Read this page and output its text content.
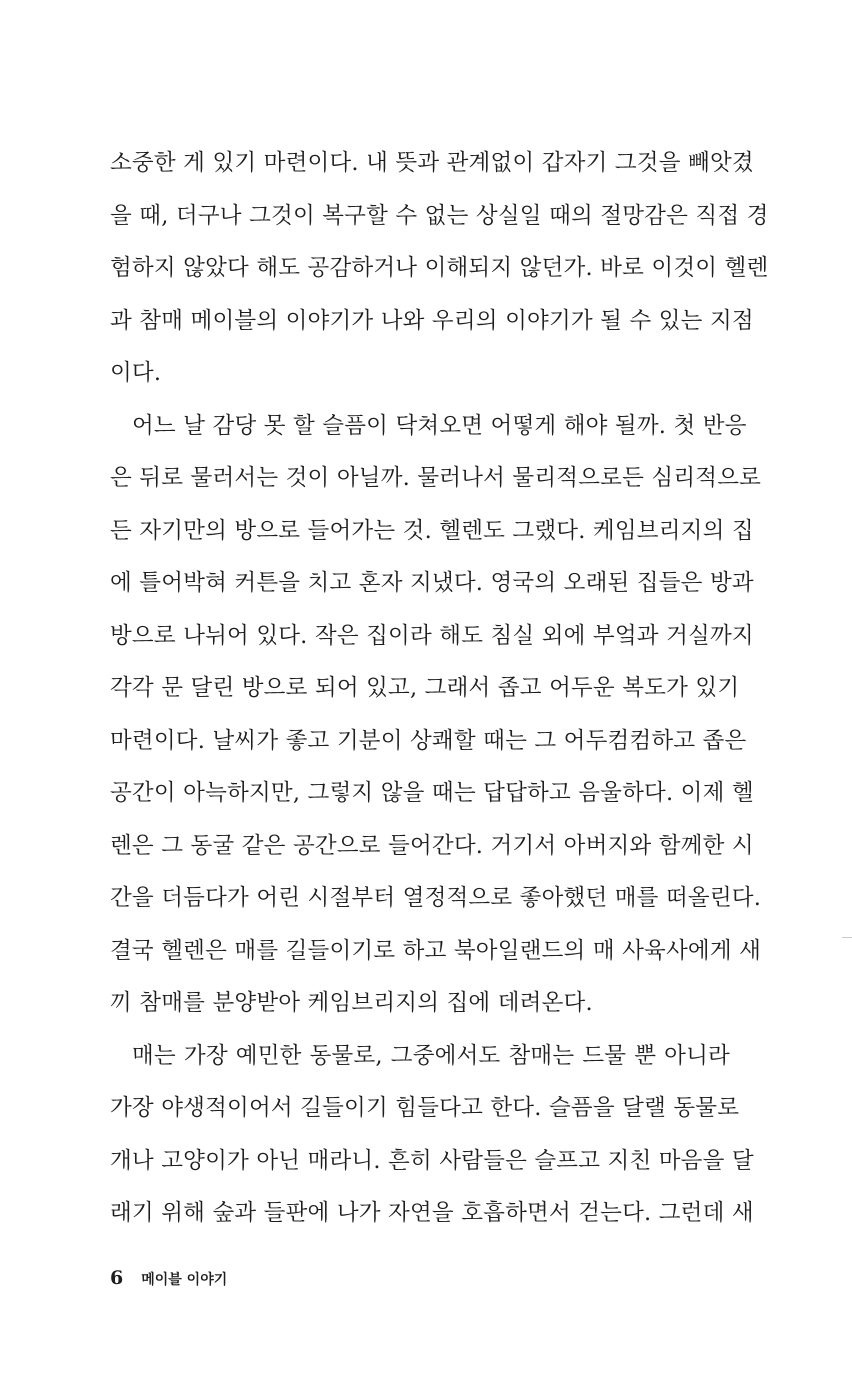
소중한 게 있기 마련이다. 내 뜻과 관계없이 갑자기 그것을 빼앗겼
을 때, 더구나 그것이 복구할 수 없는 상실일 때의 절망감은 직접 경
험하지 않았다 해도 공감하거나 이해되지 않던가. 바로 이것이 헬렌
과 참매 메이블의 이야기가 나와 우리의 이야기가 될 수 있는 지점
이다.
어느 날 감당 못 할 슬픔이 닥쳐오면 어떻게 해야 될까. 첫 반응
은 뒤로 물러서는 것이 아닐까. 물러나서 물리적으로든 심리적으로
든 자기만의 방으로 들어가는 것. 헬렌도 그랬다. 케임브리지의 집
에 틀어박혀 커튼을 치고 혼자 지냈다. 영국의 오래된 집들은 방과
방으로 나뉘어 있다. 작은 집이라 해도 침실 외에 부엌과 거실까지
각각 문 달린 방으로 되어 있고, 그래서 좁고 어두운 복도가 있기
마련이다. 날씨가 좋고 기분이 상쾌할 때는 그 어두컴컴하고 좁은
공간이 아늑하지만, 그렇지 않을 때는 답답하고 음울하다. 이제 헬
렌은 그 동굴 같은 공간으로 들어간다. 거기서 아버지와 함께한 시
간을 더듬다가 어린 시절부터 열정적으로 좋아했던 매를 떠올린다.
결국 헬렌은 매를 길들이기로 하고 북아일랜드의 매 사육사에게 새
끼 참매를 분양받아 케임브리지의 집에 데려온다.
매는 가장 예민한 동물로, 그중에서도 참매는 드물 뿐 아니라
가장 야생적이어서 길들이기 힘들다고 한다. 슬픔을 달랠 동물로
개나 고양이가 아닌 매라니. 흔히 사람들은 슬프고 지친 마음을 달
래기 위해 숲과 들판에 나가 자연을 호흡하면서 걷는다. 그런데 새
6 메이블 이야기
